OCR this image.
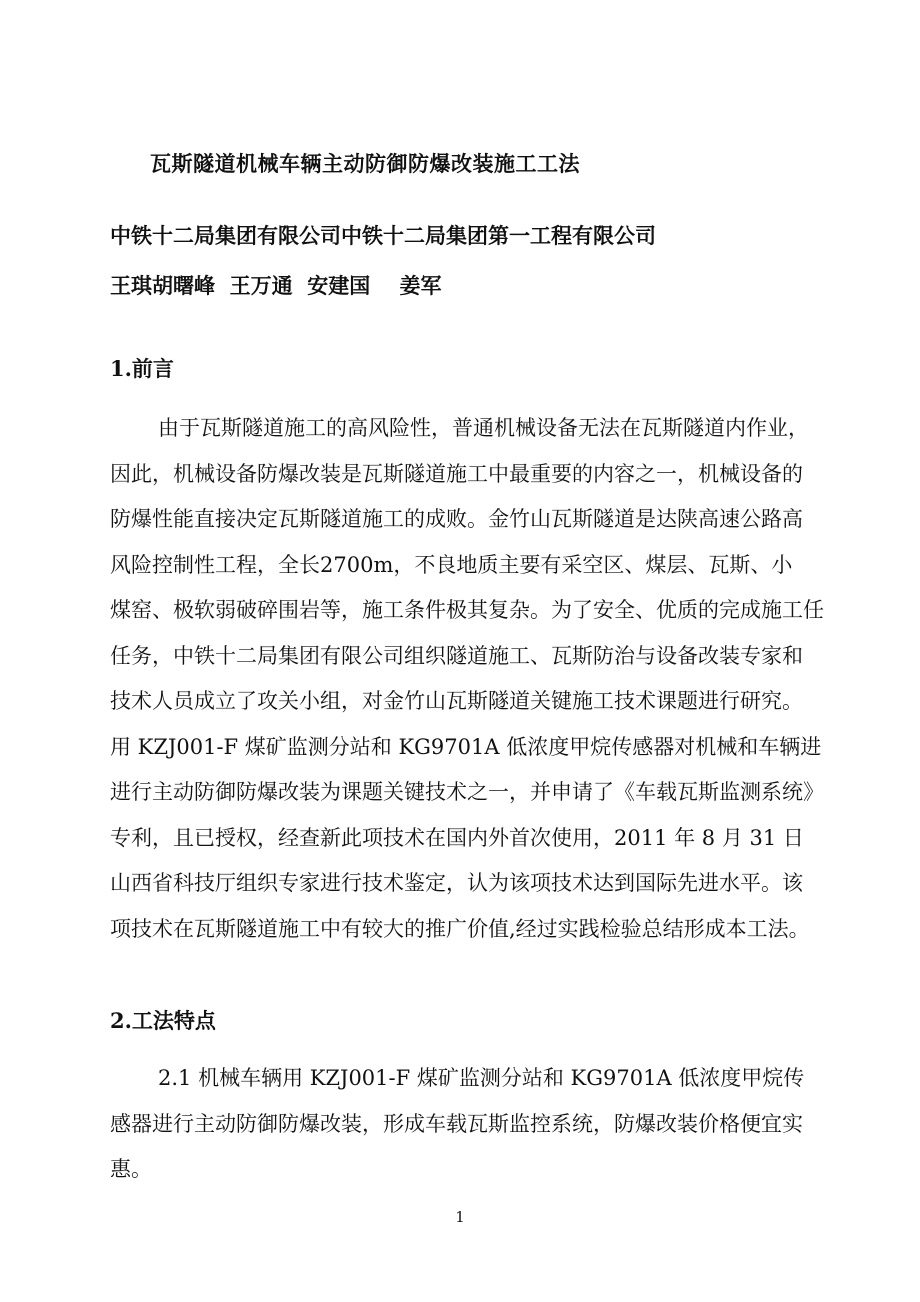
瓦斯隧道机械车辆主动防御防爆改装施工工法
中铁十二局集团有限公司中铁十二局集团第一工程有限公司
王琪胡曙峰  王万通  安建国    姜军
1.前言
由于瓦斯隧道施工的高风险性，普通机械设备无法在瓦斯隧道内作业，
因此，机械设备防爆改装是瓦斯隧道施工中最重要的内容之一，机械设备的
防爆性能直接决定瓦斯隧道施工的成败。金竹山瓦斯隧道是达陕高速公路高
风险控制性工程，全长2700m，不良地质主要有采空区、煤层、瓦斯、小
煤窑、极软弱破碎围岩等，施工条件极其复杂。为了安全、优质的完成施工任
任务，中铁十二局集团有限公司组织隧道施工、瓦斯防治与设备改装专家和
技术人员成立了攻关小组，对金竹山瓦斯隧道关键施工技术课题进行研究。
用 KZJ001-F 煤矿监测分站和 KG9701A 低浓度甲烷传感器对机械和车辆进
进行主动防御防爆改装为课题关键技术之一，并申请了《车载瓦斯监测系统》
专利，且已授权，经查新此项技术在国内外首次使用，2011 年 8 月 31 日
山西省科技厅组织专家进行技术鉴定，认为该项技术达到国际先进水平。该
项技术在瓦斯隧道施工中有较大的推广价值,经过实践检验总结形成本工法。
2.工法特点
2.1 机械车辆用 KZJ001-F 煤矿监测分站和 KG9701A 低浓度甲烷传
感器进行主动防御防爆改装，形成车载瓦斯监控系统，防爆改装价格便宜实
惠。
1
